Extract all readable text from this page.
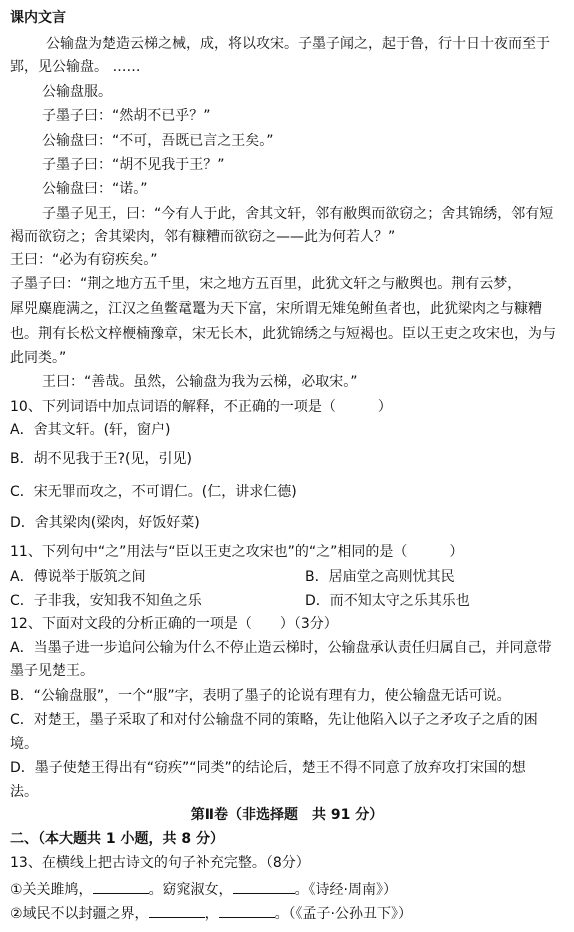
课内文言
公输盘为楚造云梯之械，成，将以攻宋。子墨子闻之，起于鲁，行十日十夜而至于
郢，见公输盘。 ……
公输盘服。
子墨子曰：“然胡不已乎？”
公输盘曰：“不可，吾既已言之王矣。”
子墨子曰：“胡不见我于王？”
公输盘曰：“诺。”
子墨子见王，曰：“今有人于此，舍其文轩，邻有敝舆而欲窃之；舍其锦绣，邻有短
褐而欲窃之；舍其梁肉，邻有糠糟而欲窃之——此为何若人？”
王曰：“必为有窃疾矣。”
子墨子曰：“荆之地方五千里，宋之地方五百里，此犹文轩之与敝舆也。荆有云梦，
犀兕麋鹿满之，江汉之鱼鳖鼋鼍为天下富，宋所谓无雉兔鲋鱼者也，此犹梁肉之与糠糟
也。荆有长松文梓楩楠豫章，宋无长木，此犹锦绣之与短褐也。臣以王吏之攻宋也，为与
此同类。”
王曰：“善哉。虽然，公输盘为我为云梯，必取宋。”
10、下列词语中加点词语的解释，不正确的一项是（　　　）
A．舍其文轩。(轩，窗户)
B．胡不见我于王?(见，引见)
C．宋无罪而攻之，不可谓仁。(仁，讲求仁德)
D．舍其梁肉(梁肉，好饭好菜)
11、下列句中“之”用法与“臣以王吏之攻宋也”的“之”相同的是（　　　）
A．傅说举于版筑之间	B．居庙堂之高则忧其民
C．子非我，安知我不知鱼之乐	D．而不知太守之乐其乐也
12、下面对文段的分析正确的一项是（　　）（3分）
A．当墨子进一步追问公输为什么不停止造云梯时，公输盘承认责任归属自己，并同意带
墨子见楚王。
B．“公输盘服”，一个“服”字，表明了墨子的论说有理有力，使公输盘无话可说。
C．对楚王，墨子采取了和对付公输盘不同的策略，先让他陷入以子之矛攻子之盾的困
境。
D．墨子使楚王得出有“窃疾”“同类”的结论后，楚王不得不同意了放弃攻打宋国的想
法。
第Ⅱ卷（非选择题　共 91 分）
二、（本大题共 1 小题，共 8 分）
13、在横线上把古诗文的句子补充完整。（8分）
①关关雎鸠，	。窈窕淑女，	。《诗经·周南》）
②域民不以封疆之界，	，	。（《孟子·公孙丑下》）
